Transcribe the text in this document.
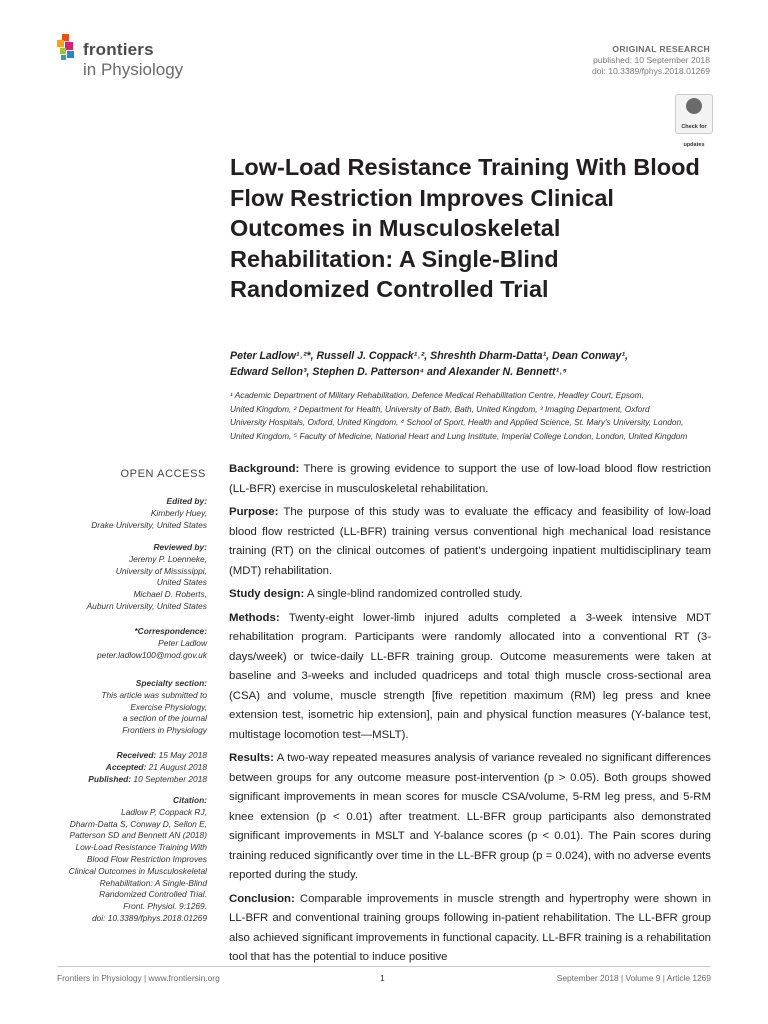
frontiers
in Physiology
ORIGINAL RESEARCH
published: 10 September 2018
doi: 10.3389/fphys.2018.01269
Check for updates
Low-Load Resistance Training With Blood Flow Restriction Improves Clinical Outcomes in Musculoskeletal Rehabilitation: A Single-Blind Randomized Controlled Trial
Peter Ladlow¹˒²*, Russell J. Coppack¹˒², Shreshth Dharm-Datta¹, Dean Conway¹,
Edward Sellon³, Stephen D. Patterson⁴ and Alexander N. Bennett¹˒⁵
¹ Academic Department of Military Rehabilitation, Defence Medical Rehabilitation Centre, Headley Court, Epsom,
United Kingdom, ² Department for Health, University of Bath, Bath, United Kingdom, ³ Imaging Department, Oxford
University Hospitals, Oxford, United Kingdom, ⁴ School of Sport, Health and Applied Science, St. Mary's University, London,
United Kingdom, ⁵ Faculty of Medicine, National Heart and Lung Institute, Imperial College London, London, United Kingdom
OPEN ACCESS
Edited by:
Kimberly Huey,
Drake University, United States
Reviewed by:
Jeremy P. Loenneke,
University of Mississippi,
United States
Michael D. Roberts,
Auburn University, United States
*Correspondence:
Peter Ladlow
peter.ladlow100@mod.gov.uk
Specialty section:
This article was submitted to
Exercise Physiology,
a section of the journal
Frontiers in Physiology
Received: 15 May 2018
Accepted: 21 August 2018
Published: 10 September 2018
Citation:
Ladlow P, Coppack RJ,
Dharm-Datta S, Conway D, Sellon E,
Patterson SD and Bennett AN (2018)
Low-Load Resistance Training With
Blood Flow Restriction Improves
Clinical Outcomes in Musculoskeletal
Rehabilitation: A Single-Blind
Randomized Controlled Trial.
Front. Physiol. 9:1269.
doi: 10.3389/fphys.2018.01269

Background: There is growing evidence to support the use of low-load blood flow restriction (LL-BFR) exercise in musculoskeletal rehabilitation.

Purpose: The purpose of this study was to evaluate the efficacy and feasibility of low-load blood flow restricted (LL-BFR) training versus conventional high mechanical load resistance training (RT) on the clinical outcomes of patient's undergoing inpatient multidisciplinary team (MDT) rehabilitation.

Study design: A single-blind randomized controlled study.

Methods: Twenty-eight lower-limb injured adults completed a 3-week intensive MDT rehabilitation program. Participants were randomly allocated into a conventional RT (3-days/week) or twice-daily LL-BFR training group. Outcome measurements were taken at baseline and 3-weeks and included quadriceps and total thigh muscle cross-sectional area (CSA) and volume, muscle strength [five repetition maximum (RM) leg press and knee extension test, isometric hip extension], pain and physical function measures (Y-balance test, multistage locomotion test—MSLT).

Results: A two-way repeated measures analysis of variance revealed no significant differences between groups for any outcome measure post-intervention (p > 0.05). Both groups showed significant improvements in mean scores for muscle CSA/volume, 5-RM leg press, and 5-RM knee extension (p < 0.01) after treatment. LL-BFR group participants also demonstrated significant improvements in MSLT and Y-balance scores (p < 0.01). The Pain scores during training reduced significantly over time in the LL-BFR group (p = 0.024), with no adverse events reported during the study.

Conclusion: Comparable improvements in muscle strength and hypertrophy were shown in LL-BFR and conventional training groups following in-patient rehabilitation. The LL-BFR group also achieved significant improvements in functional capacity. LL-BFR training is a rehabilitation tool that has the potential to induce positive

Frontiers in Physiology | www.frontiersin.org	1	September 2018 | Volume 9 | Article 1269
